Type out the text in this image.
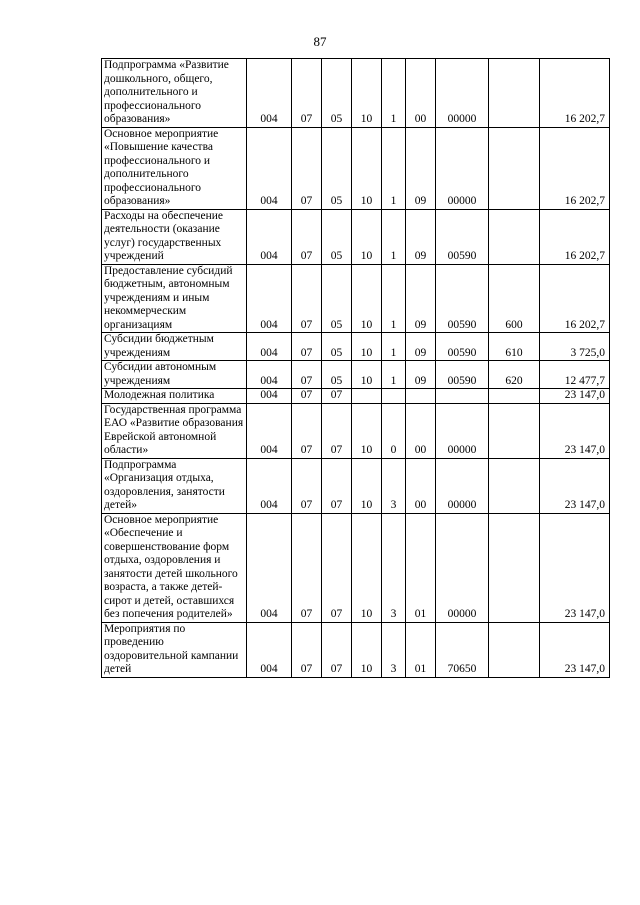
87
Подпрограмма «Развитие дошкольного, общего, дополнительного и профессионального образования»	004	07	05	10	1	00	00000		16 202,7
Основное мероприятие «Повышение качества профессионального и дополнительного профессионального образования»	004	07	05	10	1	09	00000		16 202,7
Расходы на обеспечение деятельности (оказание услуг) государственных учреждений	004	07	05	10	1	09	00590		16 202,7
Предоставление субсидий бюджетным, автономным учреждениям и иным некоммерческим организациям	004	07	05	10	1	09	00590	600	16 202,7
Субсидии бюджетным учреждениям	004	07	05	10	1	09	00590	610	3 725,0
Субсидии автономным учреждениям	004	07	05	10	1	09	00590	620	12 477,7
Молодежная политика	004	07	07						23 147,0
Государственная программа ЕАО «Развитие образования Еврейской автономной области»	004	07	07	10	0	00	00000		23 147,0
Подпрограмма «Организация отдыха, оздоровления, занятости детей»	004	07	07	10	3	00	00000		23 147,0
Основное мероприятие «Обеспечение и совершенствование форм отдыха, оздоровления и занятости детей школьного возраста, а также детей-сирот и детей, оставшихся без попечения родителей»	004	07	07	10	3	01	00000		23 147,0
Мероприятия по проведению оздоровительной кампании детей	004	07	07	10	3	01	70650		23 147,0
